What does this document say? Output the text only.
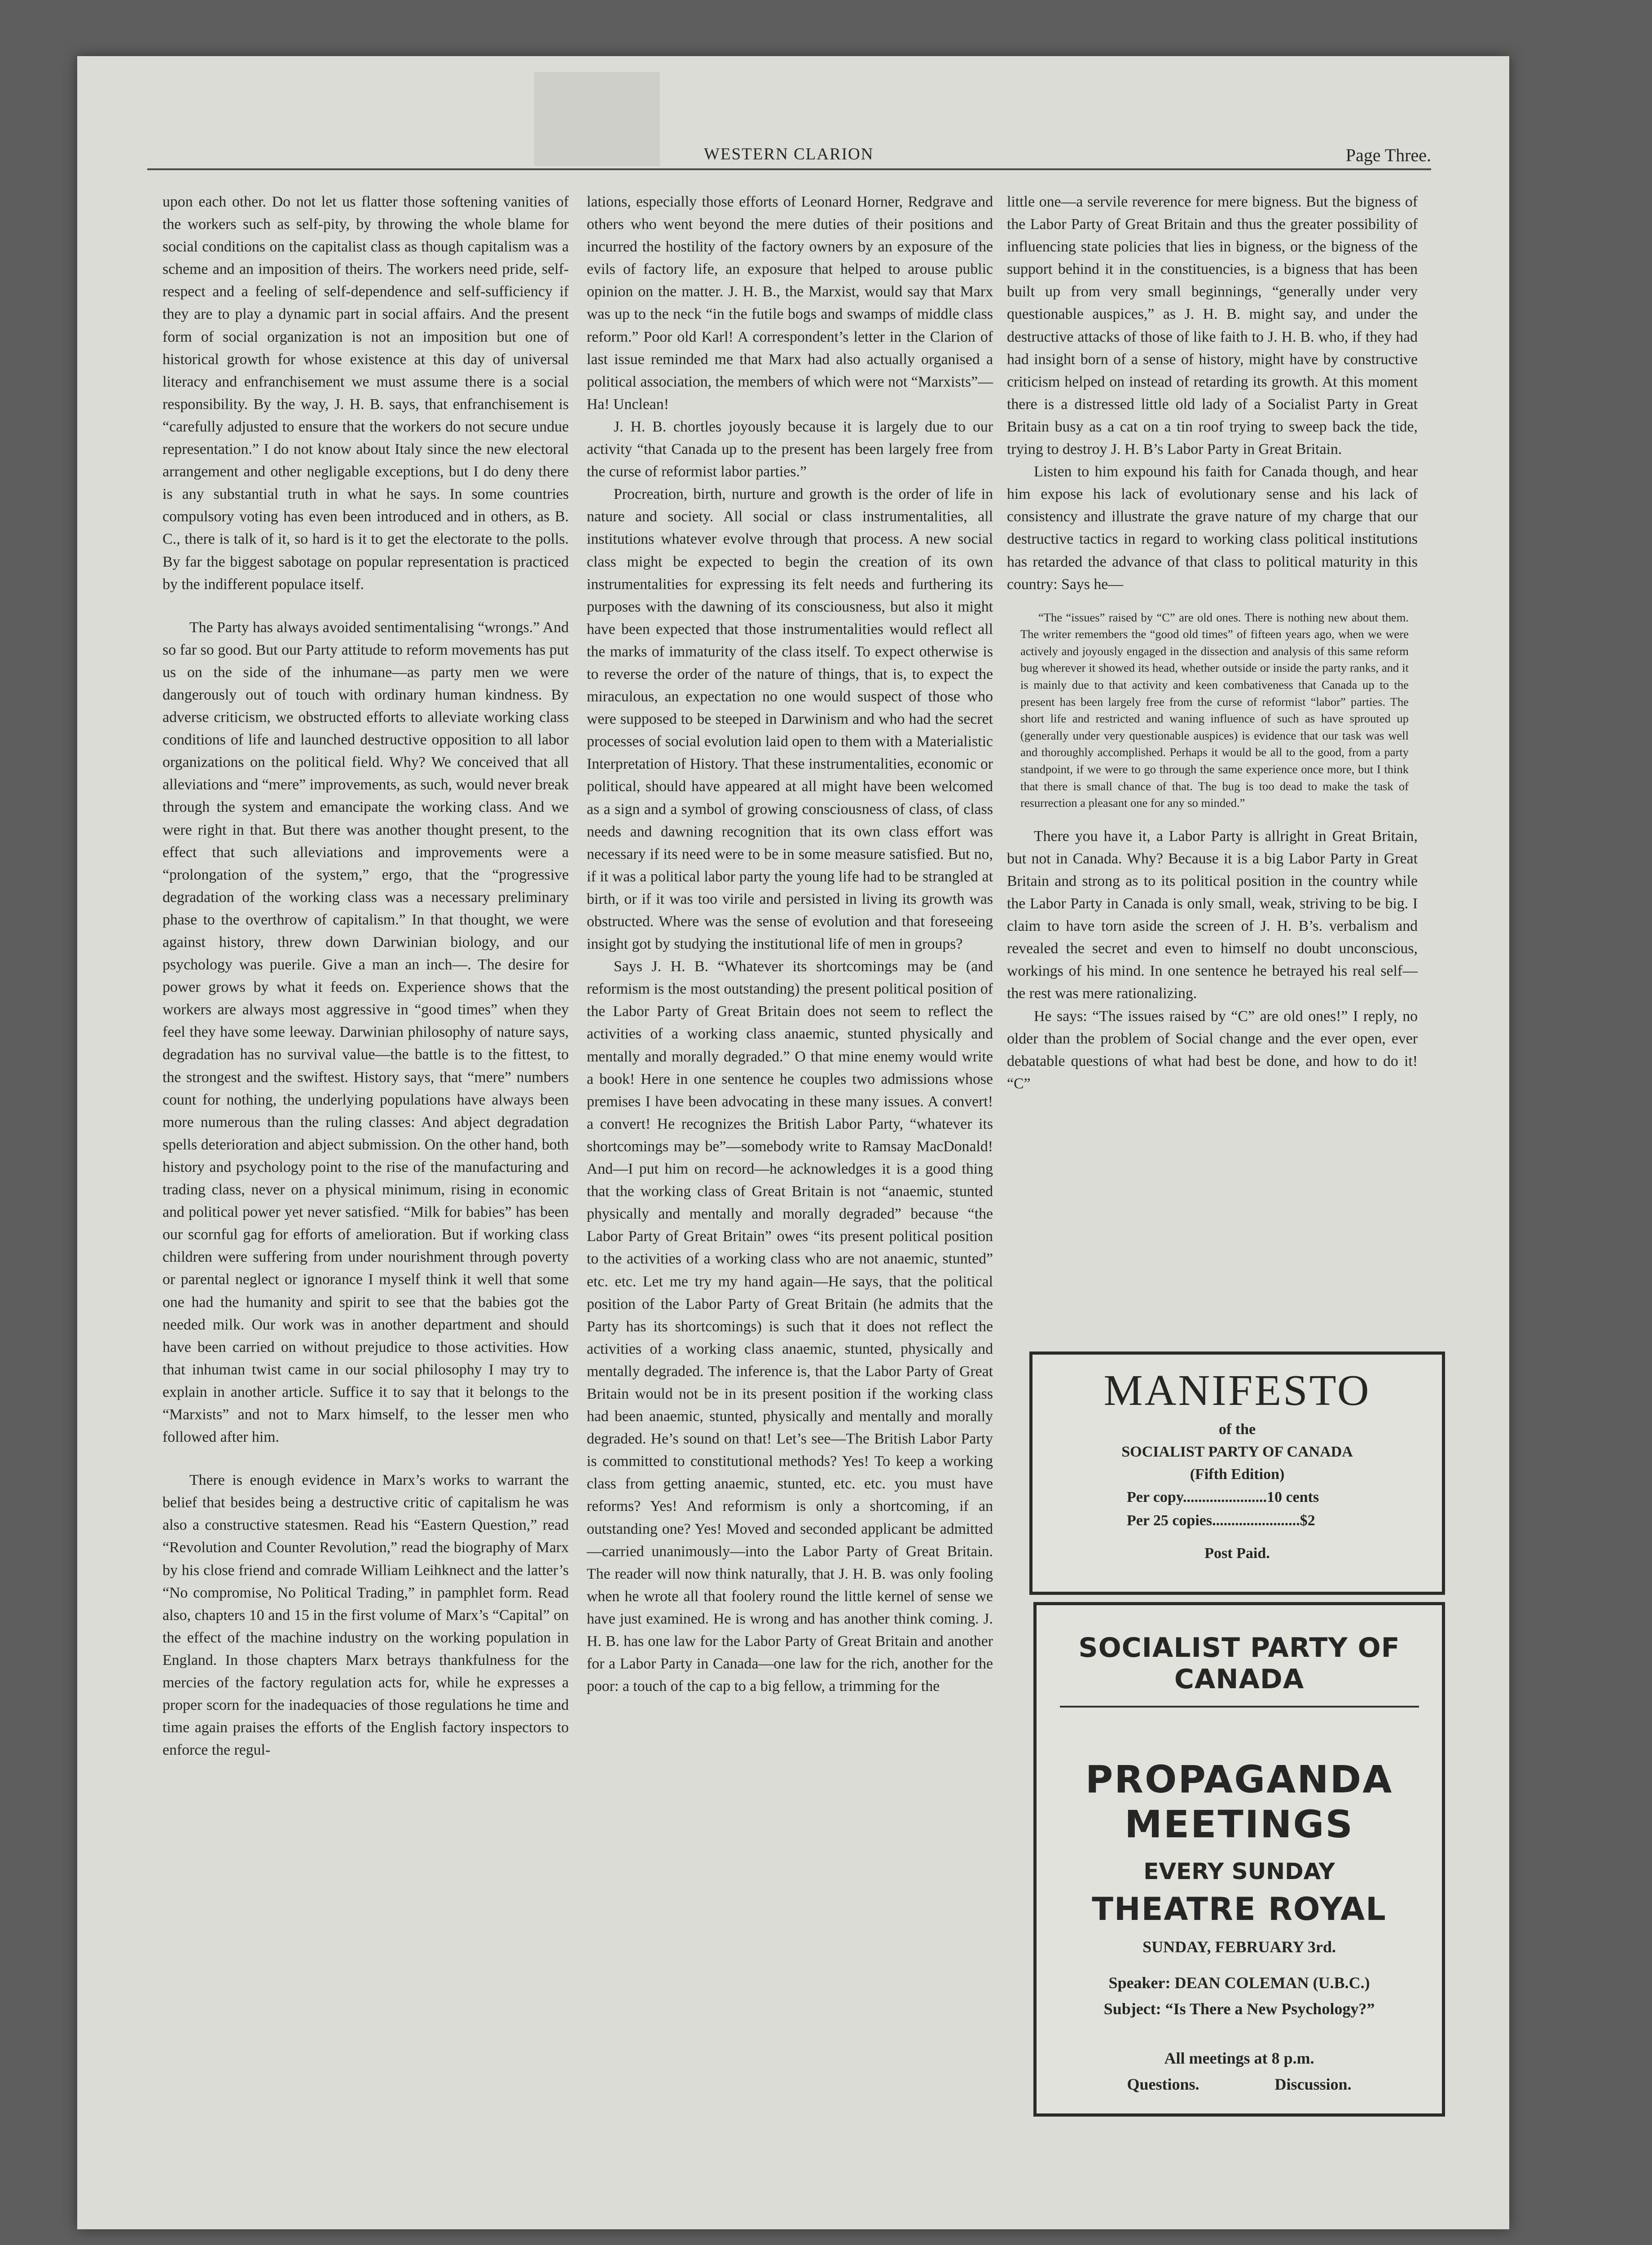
WESTERN CLARION	Page Three.

upon each other. Do not let us flatter those softening vanities of the workers such as self-pity, by throwing the whole blame for social conditions on the capitalist class as though capitalism was a scheme and an imposition of theirs. The workers need pride, self-respect and a feeling of self-dependence and self-sufficiency if they are to play a dynamic part in social affairs. And the present form of social organization is not an imposition but one of historical growth for whose existence at this day of universal literacy and enfranchisement we must assume there is a social responsibility. By the way, J. H. B. says, that enfranchisement is “carefully adjusted to ensure that the workers do not secure undue representation.” I do not know about Italy since the new electoral arrangement and other negligable exceptions, but I do deny there is any substantial truth in what he says. In some countries compulsory voting has even been introduced and in others, as B. C., there is talk of it, so hard is it to get the electorate to the polls. By far the biggest sabotage on popular representation is practiced by the indifferent populace itself.

The Party has always avoided sentimentalising “wrongs.” And so far so good. But our Party attitude to reform movements has put us on the side of the inhumane—as party men we were dangerously out of touch with ordinary human kindness. By adverse criticism, we obstructed efforts to alleviate working class conditions of life and launched destructive opposition to all labor organizations on the political field. Why? We conceived that all alleviations and “mere” improvements, as such, would never break through the system and emancipate the working class. And we were right in that. But there was another thought present, to the effect that such alleviations and improvements were a “prolongation of the system,” ergo, that the “progressive degradation of the working class was a necessary preliminary phase to the overthrow of capitalism.” In that thought, we were against history, threw down Darwinian biology, and our psychology was puerile. Give a man an inch—. The desire for power grows by what it feeds on. Experience shows that the workers are always most aggressive in “good times” when they feel they have some leeway. Darwinian philosophy of nature says, degradation has no survival value—the battle is to the fittest, to the strongest and the swiftest. History says, that “mere” numbers count for nothing, the underlying populations have always been more numerous than the ruling classes: And abject degradation spells deterioration and abject submission. On the other hand, both history and psychology point to the rise of the manufacturing and trading class, never on a physical minimum, rising in economic and political power yet never satisfied. “Milk for babies” has been our scornful gag for efforts of amelioration. But if working class children were suffering from under nourishment through poverty or parental neglect or ignorance I myself think it well that some one had the humanity and spirit to see that the babies got the needed milk. Our work was in another department and should have been carried on without prejudice to those activities. How that inhuman twist came in our social philosophy I may try to explain in another article. Suffice it to say that it belongs to the “Marxists” and not to Marx himself, to the lesser men who followed after him.

There is enough evidence in Marx’s works to warrant the belief that besides being a destructive critic of capitalism he was also a constructive statesmen. Read his “Eastern Question,” read “Revolution and Counter Revolution,” read the biography of Marx by his close friend and comrade William Leihknect and the latter’s “No compromise, No Political Trading,” in pamphlet form. Read also, chapters 10 and 15 in the first volume of Marx’s “Capital” on the effect of the machine industry on the working population in England. In those chapters Marx betrays thankfulness for the mercies of the factory regulation acts for, while he expresses a proper scorn for the inadequacies of those regulations he time and time again praises the efforts of the English factory inspectors to enforce the regul-

lations, especially those efforts of Leonard Horner, Redgrave and others who went beyond the mere duties of their positions and incurred the hostility of the factory owners by an exposure of the evils of factory life, an exposure that helped to arouse public opinion on the matter. J. H. B., the Marxist, would say that Marx was up to the neck “in the futile bogs and swamps of middle class reform.” Poor old Karl! A correspondent’s letter in the Clarion of last issue reminded me that Marx had also actually organised a political association, the members of which were not “Marxists”—Ha! Unclean!

J. H. B. chortles joyously because it is largely due to our activity “that Canada up to the present has been largely free from the curse of reformist labor parties.”

Procreation, birth, nurture and growth is the order of life in nature and society. All social or class instrumentalities, all institutions whatever evolve through that process. A new social class might be expected to begin the creation of its own instrumentalities for expressing its felt needs and furthering its purposes with the dawning of its consciousness, but also it might have been expected that those instrumentalities would reflect all the marks of immaturity of the class itself. To expect otherwise is to reverse the order of the nature of things, that is, to expect the miraculous, an expectation no one would suspect of those who were supposed to be steeped in Darwinism and who had the secret processes of social evolution laid open to them with a Materialistic Interpretation of History. That these instrumentalities, economic or political, should have appeared at all might have been welcomed as a sign and a symbol of growing consciousness of class, of class needs and dawning recognition that its own class effort was necessary if its need were to be in some measure satisfied. But no, if it was a political labor party the young life had to be strangled at birth, or if it was too virile and persisted in living its growth was obstructed. Where was the sense of evolution and that foreseeing insight got by studying the institutional life of men in groups?

Says J. H. B. “Whatever its shortcomings may be (and reformism is the most outstanding) the present political position of the Labor Party of Great Britain does not seem to reflect the activities of a working class anaemic, stunted physically and mentally and morally degraded.” O that mine enemy would write a book! Here in one sentence he couples two admissions whose premises I have been advocating in these many issues. A convert! a convert! He recognizes the British Labor Party, “whatever its shortcomings may be”—somebody write to Ramsay MacDonald! And—I put him on record—he acknowledges it is a good thing that the working class of Great Britain is not “anaemic, stunted physically and mentally and morally degraded” because “the Labor Party of Great Britain” owes “its present political position to the activities of a working class who are not anaemic, stunted” etc. etc. Let me try my hand again—He says, that the political position of the Labor Party of Great Britain (he admits that the Party has its shortcomings) is such that it does not reflect the activities of a working class anaemic, stunted, physically and mentally degraded. The inference is, that the Labor Party of Great Britain would not be in its present position if the working class had been anaemic, stunted, physically and mentally and morally degraded. He’s sound on that! Let’s see—The British Labor Party is committed to constitutional methods? Yes! To keep a working class from getting anaemic, stunted, etc. etc. you must have reforms? Yes! And reformism is only a shortcoming, if an outstanding one? Yes! Moved and seconded applicant be admitted—carried unanimously—into the Labor Party of Great Britain. The reader will now think naturally, that J. H. B. was only fooling when he wrote all that foolery round the little kernel of sense we have just examined. He is wrong and has another think coming. J. H. B. has one law for the Labor Party of Great Britain and another for a Labor Party in Canada—one law for the rich, another for the poor: a touch of the cap to a big fellow, a trimming for the

little one—a servile reverence for mere bigness. But the bigness of the Labor Party of Great Britain and thus the greater possibility of influencing state policies that lies in bigness, or the bigness of the support behind it in the constituencies, is a bigness that has been built up from very small beginnings, “generally under very questionable auspices,” as J. H. B. might say, and under the destructive attacks of those of like faith to J. H. B. who, if they had had insight born of a sense of history, might have by constructive criticism helped on instead of retarding its growth. At this moment there is a distressed little old lady of a Socialist Party in Great Britain busy as a cat on a tin roof trying to sweep back the tide, trying to destroy J. H. B’s Labor Party in Great Britain.

Listen to him expound his faith for Canada though, and hear him expose his lack of evolutionary sense and his lack of consistency and illustrate the grave nature of my charge that our destructive tactics in regard to working class political institutions has retarded the advance of that class to political maturity in this country: Says he—

“The “issues” raised by “C” are old ones. There is nothing new about them. The writer remembers the “good old times” of fifteen years ago, when we were actively and joyously engaged in the dissection and analysis of this same reform bug wherever it showed its head, whether outside or inside the party ranks, and it is mainly due to that activity and keen combativeness that Canada up to the present has been largely free from the curse of reformist “labor” parties. The short life and restricted and waning influence of such as have sprouted up (generally under very questionable auspices) is evidence that our task was well and thoroughly accomplished. Perhaps it would be all to the good, from a party standpoint, if we were to go through the same experience once more, but I think that there is small chance of that. The bug is too dead to make the task of resurrection a pleasant one for any so minded.”

There you have it, a Labor Party is allright in Great Britain, but not in Canada. Why? Because it is a big Labor Party in Great Britain and strong as to its political position in the country while the Labor Party in Canada is only small, weak, striving to be big. I claim to have torn aside the screen of J. H. B’s. verbalism and revealed the secret and even to himself no doubt unconscious, workings of his mind. In one sentence he betrayed his real self—the rest was mere rationalizing.

He says: “The issues raised by “C” are old ones!” I reply, no older than the problem of Social change and the ever open, ever debatable questions of what had best be done, and how to do it! “C”

MANIFESTO
of the
SOCIALIST PARTY OF CANADA
(Fifth Edition)
Per copy......................10 cents
Per 25 copies.......................$2
Post Paid.
SOCIALIST PARTY OF CANADA
PROPAGANDA
MEETINGS
EVERY SUNDAY
THEATRE ROYAL
SUNDAY, FEBRUARY 3rd.
Speaker: DEAN COLEMAN (U.B.C.)
Subject: “Is There a New Psychology?”
All meetings at 8 p.m.
Questions.	Discussion.
